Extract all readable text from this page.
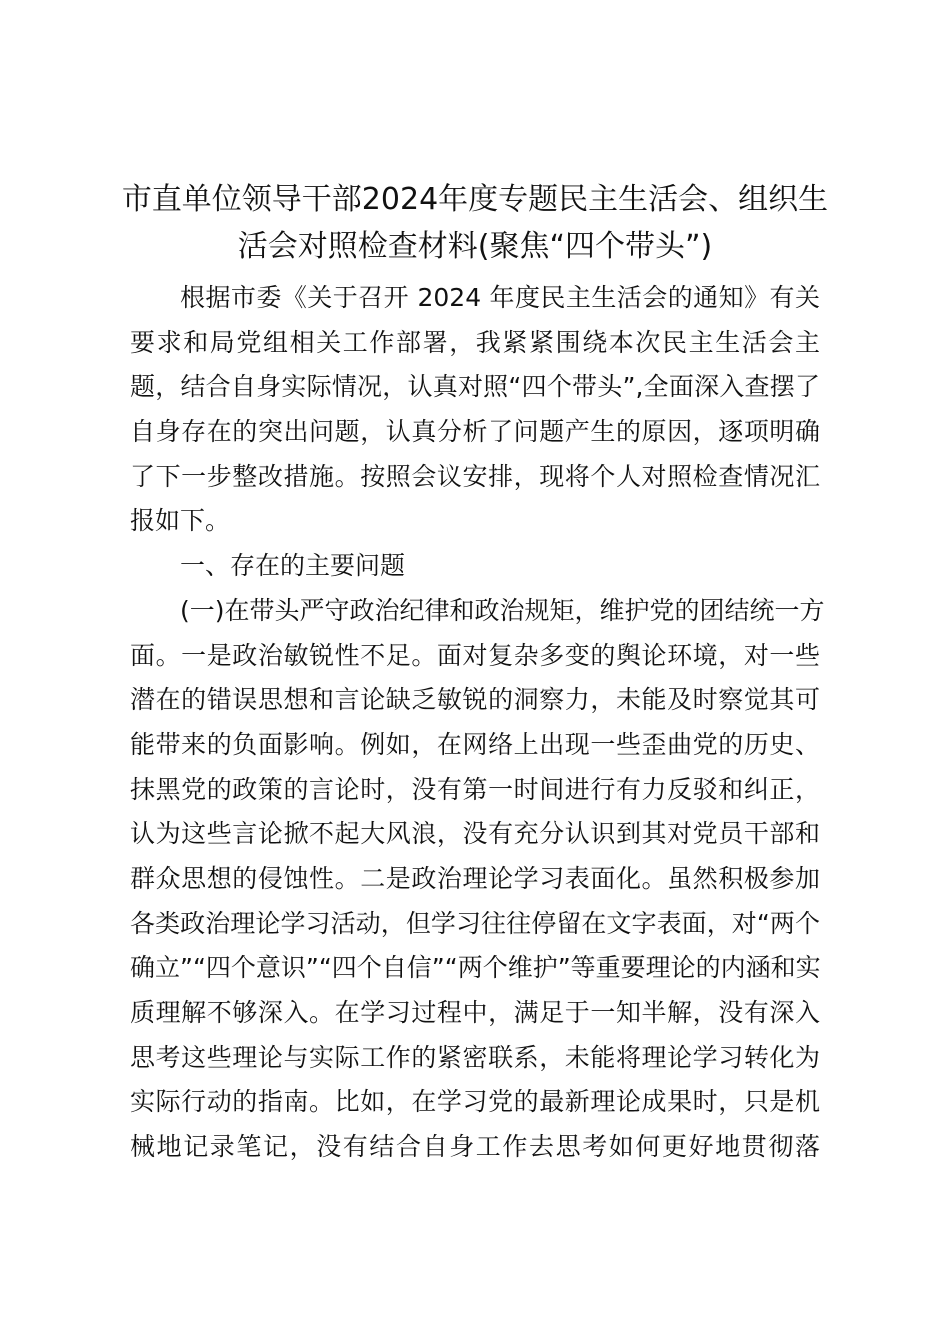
市直单位领导干部2024年度专题民主生活会、组织生
活会对照检查材料(聚焦“四个带头”)
根据市委《关于召开 2024 年度民主生活会的通知》有关
要求和局党组相关工作部署，我紧紧围绕本次民主生活会主
题，结合自身实际情况，认真对照“四个带头”,全面深入查摆了
自身存在的突出问题，认真分析了问题产生的原因，逐项明确
了下一步整改措施。按照会议安排，现将个人对照检查情况汇
报如下。
一、存在的主要问题
(一)在带头严守政治纪律和政治规矩，维护党的团结统一方
面。一是政治敏锐性不足。面对复杂多变的舆论环境，对一些
潜在的错误思想和言论缺乏敏锐的洞察力，未能及时察觉其可
能带来的负面影响。例如，在网络上出现一些歪曲党的历史、
抹黑党的政策的言论时，没有第一时间进行有力反驳和纠正，
认为这些言论掀不起大风浪，没有充分认识到其对党员干部和
群众思想的侵蚀性。二是政治理论学习表面化。虽然积极参加
各类政治理论学习活动，但学习往往停留在文字表面，对“两个
确立”“四个意识”“四个自信”“两个维护”等重要理论的内涵和实
质理解不够深入。在学习过程中，满足于一知半解，没有深入
思考这些理论与实际工作的紧密联系，未能将理论学习转化为
实际行动的指南。比如，在学习党的最新理论成果时，只是机
械地记录笔记，没有结合自身工作去思考如何更好地贯彻落
